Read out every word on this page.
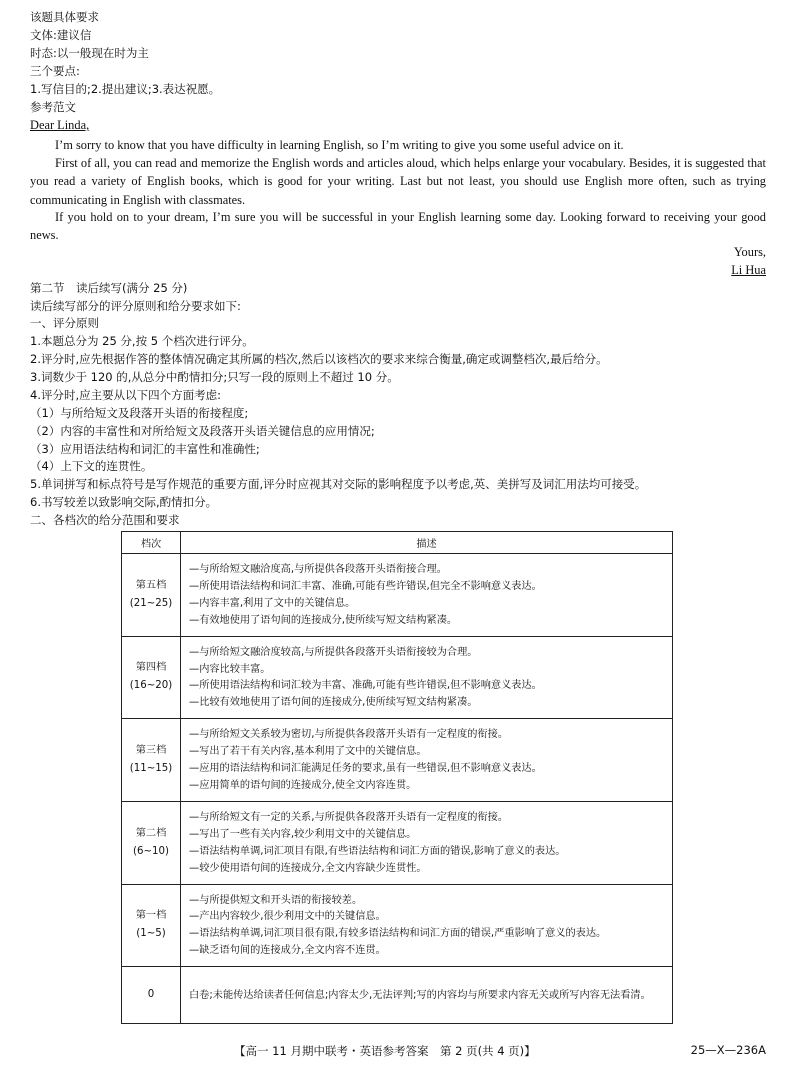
该题具体要求
文体:建议信
时态:以一般现在时为主
三个要点:
1.写信目的;2.提出建议;3.表达祝愿。
参考范文
Dear Linda,
I’m sorry to know that you have difficulty in learning English, so I’m writing to give you some useful advice on it.
First of all, you can read and memorize the English words and articles aloud, which helps enlarge your vocabulary. Besides, it is suggested that you read a variety of English books, which is good for your writing. Last but not least, you should use English more often, such as trying communicating in English with classmates.
If you hold on to your dream, I’m sure you will be successful in your English learning some day. Looking forward to receiving your good news.
Yours,
Li Hua
第二节　读后续写(满分 25 分)
读后续写部分的评分原则和给分要求如下:
一、评分原则
1.本题总分为 25 分,按 5 个档次进行评分。
2.评分时,应先根据作答的整体情况确定其所属的档次,然后以该档次的要求来综合衡量,确定或调整档次,最后给分。
3.词数少于 120 的,从总分中酌情扣分;只写一段的原则上不超过 10 分。
4.评分时,应主要从以下四个方面考虑:
（1）与所给短文及段落开头语的衔接程度;
（2）内容的丰富性和对所给短文及段落开头语关键信息的应用情况;
（3）应用语法结构和词汇的丰富性和准确性;
（4）上下文的连贯性。
5.单词拼写和标点符号是写作规范的重要方面,评分时应视其对交际的影响程度予以考虑,英、美拼写及词汇用法均可接受。
6.书写较差以致影响交际,酌情扣分。
二、各档次的给分范围和要求
档次	描述

第五档
(21~25)	—与所给短文融洽度高,与所提供各段落开头语衔接合理。
—所使用语法结构和词汇丰富、准确,可能有些许错误,但完全不影响意义表达。
—内容丰富,利用了文中的关键信息。
—有效地使用了语句间的连接成分,使所续写短文结构紧凑。

第四档
(16~20)	—与所给短文融洽度较高,与所提供各段落开头语衔接较为合理。
—内容比较丰富。
—所使用语法结构和词汇较为丰富、准确,可能有些许错误,但不影响意义表达。
—比较有效地使用了语句间的连接成分,使所续写短文结构紧凑。

第三档
(11~15)	—与所给短文关系较为密切,与所提供各段落开头语有一定程度的衔接。
—写出了若干有关内容,基本利用了文中的关键信息。
—应用的语法结构和词汇能满足任务的要求,虽有一些错误,但不影响意义表达。
—应用简单的语句间的连接成分,使全文内容连贯。

第二档
(6~10)	—与所给短文有一定的关系,与所提供各段落开头语有一定程度的衔接。
—写出了一些有关内容,较少利用文中的关键信息。
—语法结构单调,词汇项目有限,有些语法结构和词汇方面的错误,影响了意义的表达。
—较少使用语句间的连接成分,全文内容缺少连贯性。

第一档
(1~5)	—与所提供短文和开头语的衔接较差。
—产出内容较少,很少利用文中的关键信息。
—语法结构单调,词汇项目很有限,有较多语法结构和词汇方面的错误,严重影响了意义的表达。
—缺乏语句间的连接成分,全文内容不连贯。

0	白卷;未能传达给读者任何信息;内容太少,无法评判;写的内容均与所要求内容无关或所写内容无法看清。
【高一 11 月期中联考・英语参考答案　第 2 页(共 4 页)】	25—X—236A
